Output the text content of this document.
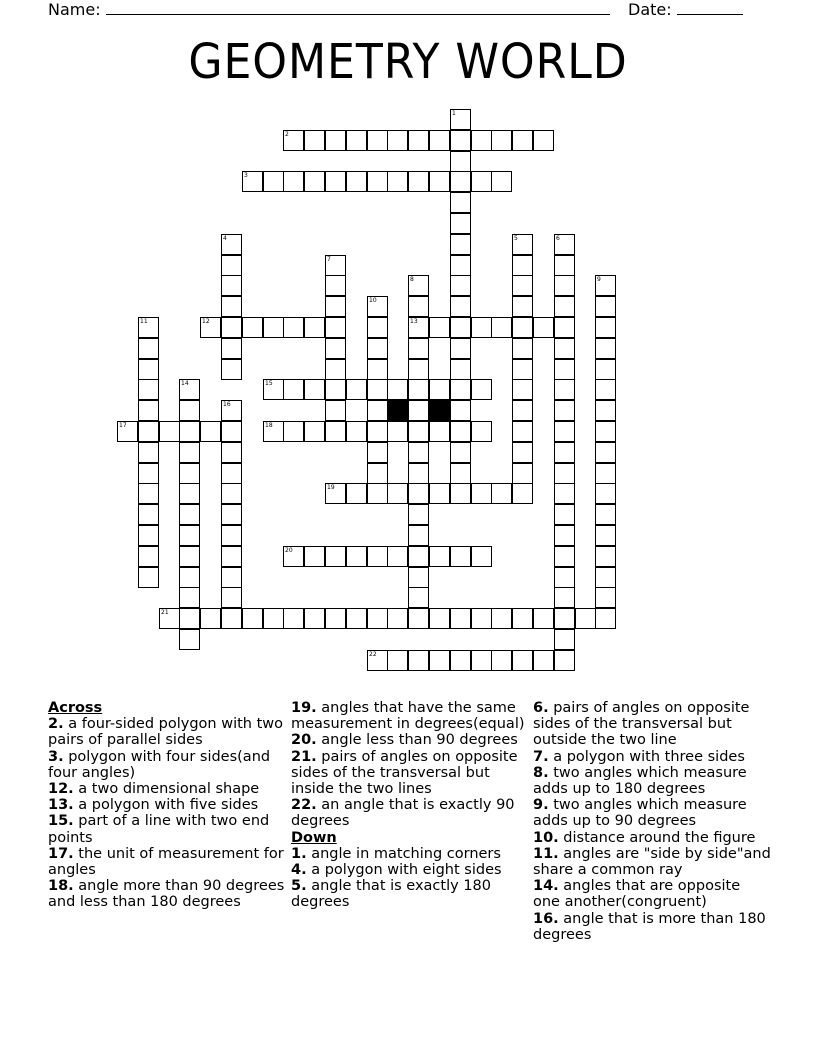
Name:	Date:
GEOMETRY WORLD
2
3
12	13
15
17	18
19
20
21
22
1
4	5	6
7
8	9
10
11
14
16
Across
2. a four-sided polygon with two pairs of parallel sides
3. polygon with four sides(and four angles)
12. a two dimensional shape
13. a polygon with five sides
15. part of a line with two end points
17. the unit of measurement for angles
18. angle more than 90 degrees and less than 180 degrees
19. angles that have the same measurement in degrees(equal)
20. angle less than 90 degrees
21. pairs of angles on opposite sides of the transversal but inside the two lines
22. an angle that is exactly 90 degrees
Down
1. angle in matching corners
4. a polygon with eight sides
5. angle that is exactly 180 degrees
6. pairs of angles on opposite sides of the transversal but outside the two line
7. a polygon with three sides
8. two angles which measure adds up to 180 degrees
9. two angles which measure adds up to 90 degrees
10. distance around the figure
11. angles are "side by side"and share a common ray
14. angles that are opposite one another(congruent)
16. angle that is more than 180 degrees
